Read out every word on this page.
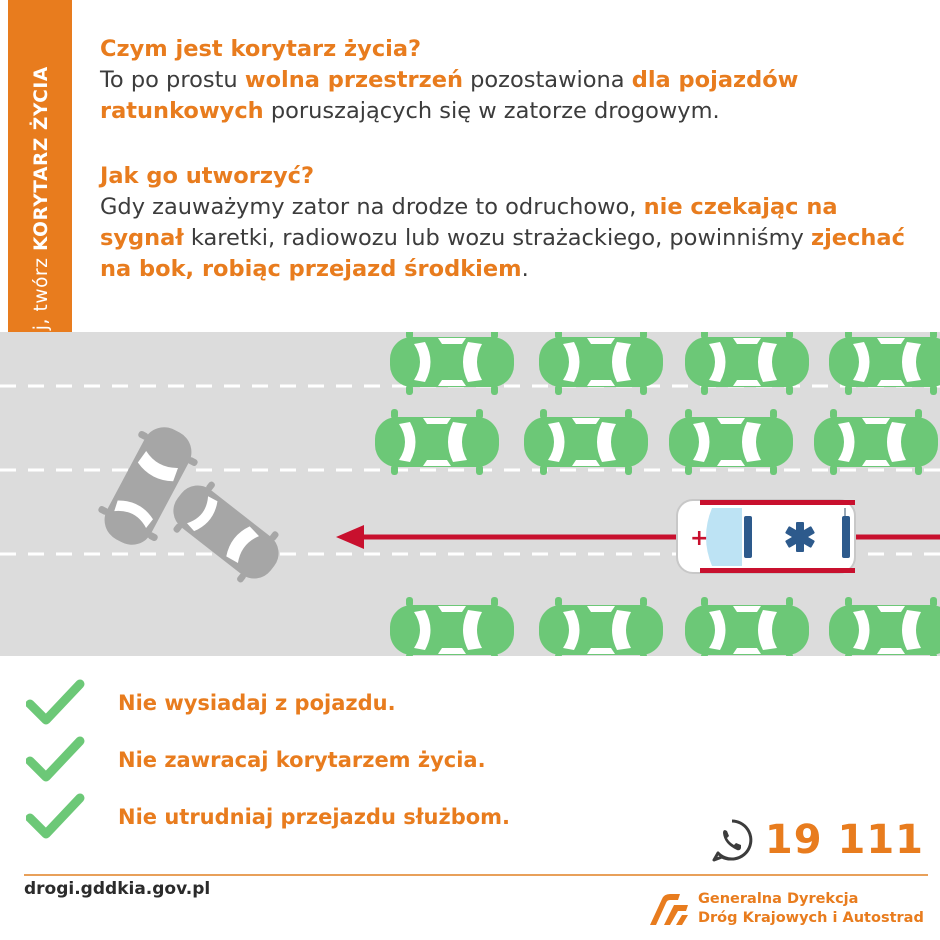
KORYTARZ ŻYCIA

Czym jest korytarz życia?

To po prostu wolna przestrzeń pozostawiona dla pojazdów ratunkowych poruszających się w zatorze drogowym.

Jak go utworzyć?

Gdy zauważymy zator na drodze to odruchowo, nie czekając na sygnał karetki, radiowozu lub wozu strażackiego, powinniśmy zjechać na bok, robiąc przejazd środkiem.

+
Nie wysiadaj z pojazdu.
Nie zawracaj korytarzem życia.
Nie utrudniaj przejazdu służbom.
19 111
drogi.gddkia.gov.pl	Generalna Dyrekcja
Dróg Krajowych i Autostrad
